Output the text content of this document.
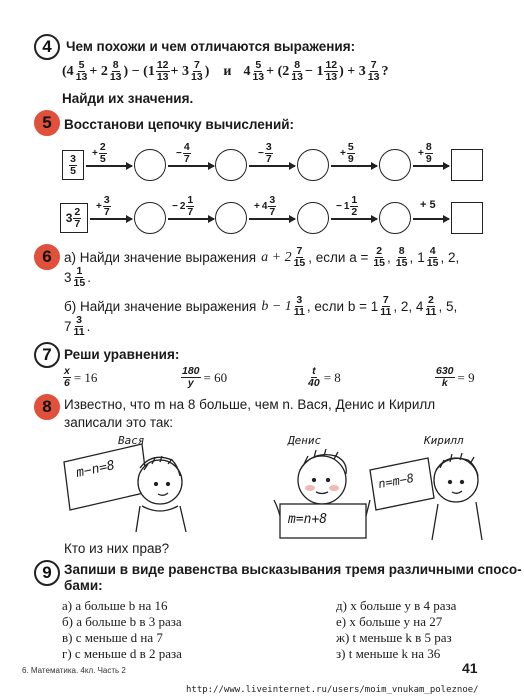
4 Чем похожи и чем отличаются выражения:
($4 \frac{5}{13} + 2 \frac{8}{13}$ ) − ($1 \frac{12}{13} + 3 \frac{7}{13}$ ) и $4 \frac{5}{13} + (2 \frac{8}{13} - 1 \frac{12}{13}$ ) + $3 \frac{7}{13}$ ?
Найди их значения.
5 Восстанови цепочку вычислений:
$\frac{3}{5} + \frac{2}{5}$	− $\frac{4}{7}$	− $\frac{3}{7}$	+ $\frac{5}{9}$	+ $\frac{8}{9}$
$3 \frac{2}{7} + \frac{3}{7}$	− $2 \frac{1}{7}$	+ $4 \frac{3}{7}$	− $1 \frac{1}{2}$	+ 5
6 а) Найди значение выражения $a + 2 \frac{7}{15}$ , если $a = \frac{2}{15}$ , $\frac{8}{15}$ , $1 \frac{4}{15}$ , 2,
$3 \frac{1}{15}$ .
б) Найди значение выражения $b - 1 \frac{3}{11}$ , если $b = 1 \frac{7}{11}$ , 2, $4 \frac{2}{11}$ , 5,
$7 \frac{3}{11}$ .
7 Реши уравнения:
$\frac{x}{6} = 16$	$\frac{180}{y} = 60$	$\frac{t}{40} = 8$	$\frac{630}{k} = 9$
8 Известно, что m на 8 больше, чем n. Вася, Денис и Кирилл
записали это так:
Вася
m−n=8
Денис
m=n+8
Кирилл
n=m−8
Кто из них прав?
9 Запиши в виде равенства высказывания тремя различными спосо-
бами:
а) a больше b на 16
б) a больше b в 3 раза
в) c меньше d на 7
г) c меньше d в 2 раза
д) x больше y в 4 раза
е) x больше y на 27
ж) t меньше k в 5 раз
з) t меньше k на 36
6. Математика. 4кл. Часть 2	41
http://www.liveinternet.ru/users/moim_vnukam_poleznoe/
